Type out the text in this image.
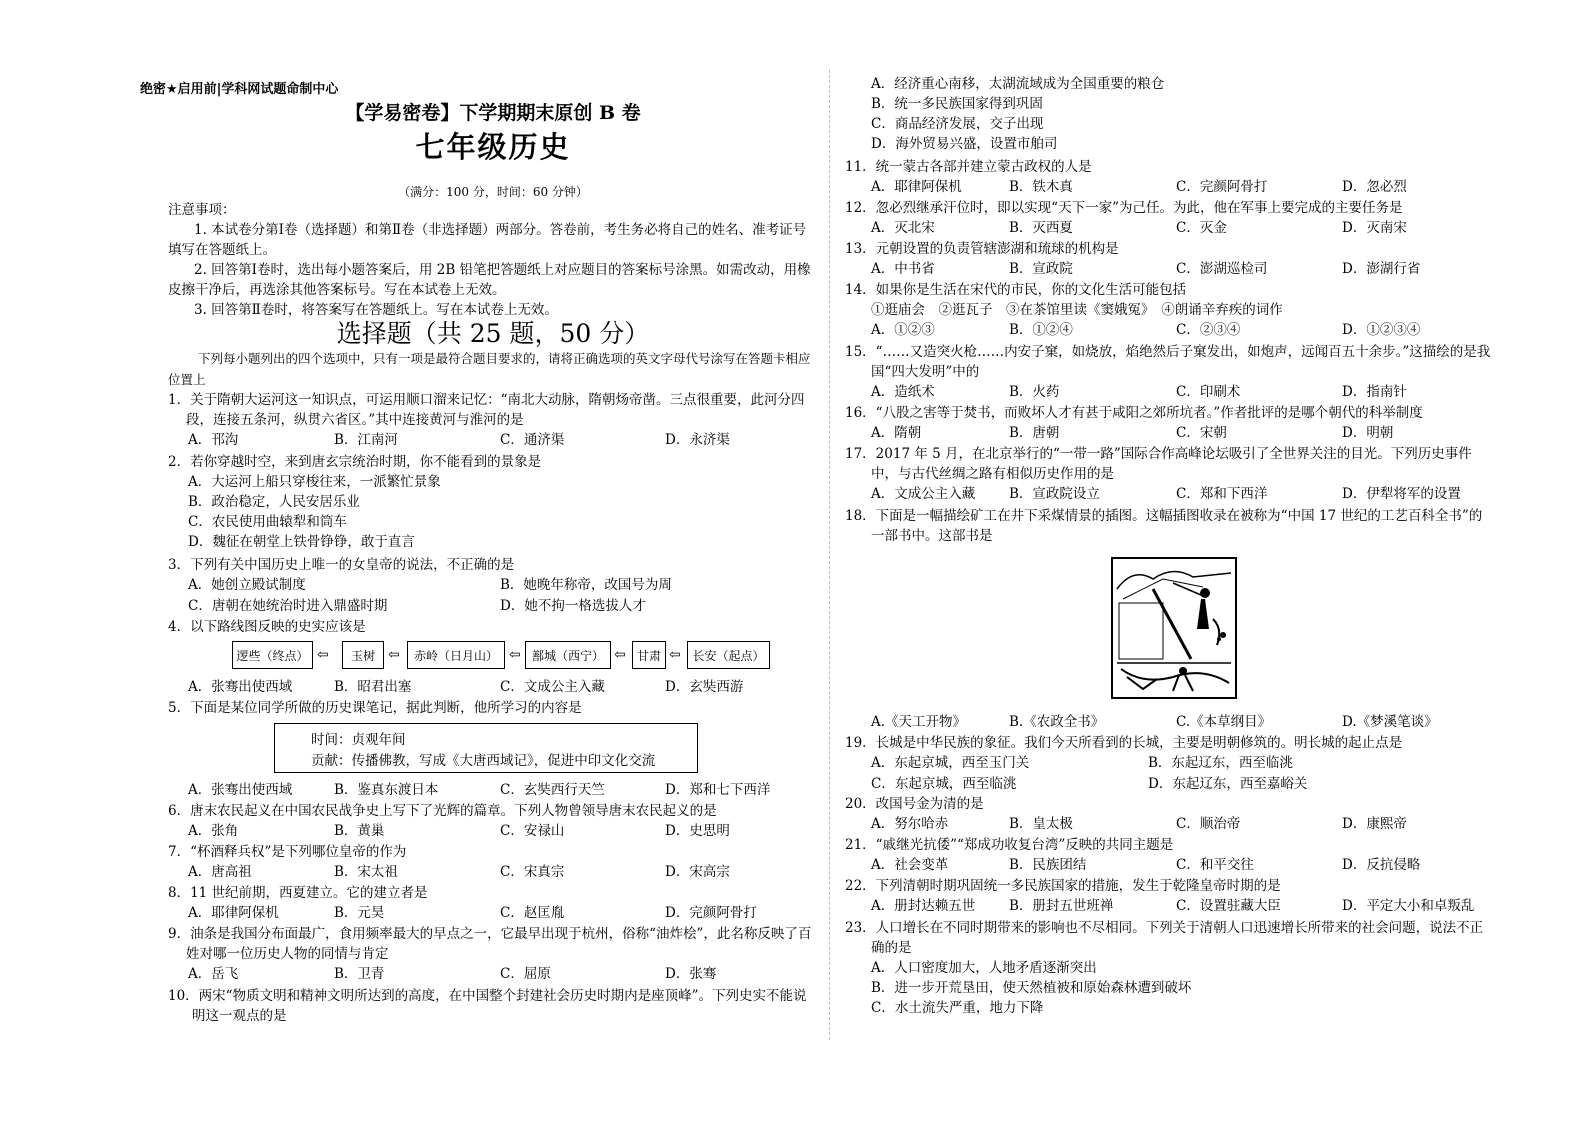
绝密★启用前|学科网试题命制中心
【学易密卷】下学期期末原创 B 卷
七年级历史
（满分：100 分，时间：60 分钟）

注意事项：

1. 本试卷分第Ⅰ卷（选择题）和第Ⅱ卷（非选择题）两部分。答卷前，考生务必将自己的姓名、准考证号填写在答题纸上。

2. 回答第Ⅰ卷时，选出每小题答案后，用 2B 铅笔把答题纸上对应题目的答案标号涂黑。如需改动，用橡皮擦干净后，再选涂其他答案标号。写在本试卷上无效。

3. 回答第Ⅱ卷时，将答案写在答题纸上。写在本试卷上无效。

选择题（共 25 题，50 分）
下列每小题列出的四个选项中，只有一项是最符合题目要求的，请将正确选项的英文字母代号涂写在答题卡相应位置上
1．关于隋朝大运河这一知识点，可运用顺口溜来记忆：“南北大动脉，隋朝炀帝凿。三点很重要，此河分四段，连接五条河，纵贯六省区。”其中连接黄河与淮河的是
A．邗沟	B．江南河	C．通济渠	D．永济渠
2．若你穿越时空，来到唐玄宗统治时期，你不能看到的景象是
A．大运河上船只穿梭往来，一派繁忙景象
B．政治稳定，人民安居乐业
C．农民使用曲辕犁和筒车
D．魏征在朝堂上铁骨铮铮，敢于直言
3．下列有关中国历史上唯一的女皇帝的说法，不正确的是
A．她创立殿试制度	B．她晚年称帝，改国号为周
C．唐朝在她统治时进入鼎盛时期	D．她不拘一格选拔人才
4．以下路线图反映的史实应该是
逻些（终点） ⇦	玉树 ⇦	赤岭（日月山） ⇦ 鄯城（西宁） ⇦ 甘肃 ⇦ 长安（起点）
A．张骞出使西域	B．昭君出塞	C．文成公主入藏	D．玄奘西游
5．下面是某位同学所做的历史课笔记，据此判断，他所学习的内容是
时间：贞观年间
贡献：传播佛教，写成《大唐西域记》，促进中印文化交流
A．张骞出使西域	B．鉴真东渡日本	C．玄奘西行天竺	D．郑和七下西洋
6．唐末农民起义在中国农民战争史上写下了光辉的篇章。下列人物曾领导唐末农民起义的是
A．张角	B．黄巢	C．安禄山	D．史思明
7．“杯酒释兵权”是下列哪位皇帝的作为
A．唐高祖	B．宋太祖	C．宋真宗	D．宋高宗
8．11 世纪前期，西夏建立。它的建立者是
A．耶律阿保机	B．元昊	C．赵匡胤	D．完颜阿骨打
9．油条是我国分布面最广，食用频率最大的早点之一，它最早出现于杭州，俗称“油炸桧”，此名称反映了百姓对哪一位历史人物的同情与肯定
A．岳飞	B．卫青	C．屈原	D．张骞
10．两宋“物质文明和精神文明所达到的高度，在中国整个封建社会历史时期内是座顶峰”。下列史实不能说明这一观点的是
A．经济重心南移，太湖流域成为全国重要的粮仓
B．统一多民族国家得到巩固
C．商品经济发展，交子出现
D．海外贸易兴盛，设置市舶司
11．统一蒙古各部并建立蒙古政权的人是
A．耶律阿保机	B．铁木真	C．完颜阿骨打	D．忽必烈
12．忽必烈继承汗位时，即以实现“天下一家”为己任。为此，他在军事上要完成的主要任务是
A．灭北宋	B．灭西夏	C．灭金	D．灭南宋
13．元朝设置的负责管辖澎湖和琉球的机构是
A．中书省	B．宣政院	C．澎湖巡检司	D．澎湖行省
14．如果你是生活在宋代的市民，你的文化生活可能包括
①逛庙会　②逛瓦子　③在茶馆里读《窦娥冤》　④朗诵辛弃疾的词作
A．①②③	B．①②④	C．②③④	D．①②③④
15．“……又造突火枪……内安子窠，如烧放，焰绝然后子窠发出，如炮声，远闻百五十余步。”这描绘的是我国“四大发明”中的
A．造纸术	B．火药	C．印刷术	D．指南针
16．“八股之害等于焚书，而败坏人才有甚于咸阳之郊所坑者。”作者批评的是哪个朝代的科举制度
A．隋朝	B．唐朝	C．宋朝	D．明朝
17．2017 年 5 月，在北京举行的“一带一路”国际合作高峰论坛吸引了全世界关注的目光。下列历史事件中，与古代丝绸之路有相似历史作用的是
A．文成公主入藏	B．宣政院设立	C．郑和下西洋	D．伊犁将军的设置
18．下面是一幅描绘矿工在井下采煤情景的插图。这幅插图收录在被称为“中国 17 世纪的工艺百科全书”的一部书中。这部书是
A.《天工开物》	B.《农政全书》	C.《本草纲目》	D.《梦溪笔谈》
19．长城是中华民族的象征。我们今天所看到的长城，主要是明朝修筑的。明长城的起止点是
A．东起京城，西至玉门关	B．东起辽东，西至临洮
C．东起京城，西至临洮	D．东起辽东，西至嘉峪关
20．改国号金为清的是
A．努尔哈赤	B．皇太极	C．顺治帝	D．康熙帝
21．“戚继光抗倭”“郑成功收复台湾”反映的共同主题是
A．社会变革	B．民族团结	C．和平交往	D．反抗侵略
22．下列清朝时期巩固统一多民族国家的措施，发生于乾隆皇帝时期的是
A．册封达赖五世	B．册封五世班禅	C．设置驻藏大臣	D．平定大小和卓叛乱
23．人口增长在不同时期带来的影响也不尽相同。下列关于清朝人口迅速增长所带来的社会问题，说法不正确的是
A．人口密度加大，人地矛盾逐渐突出
B．进一步开荒垦田，使天然植被和原始森林遭到破坏
C．水土流失严重，地力下降
